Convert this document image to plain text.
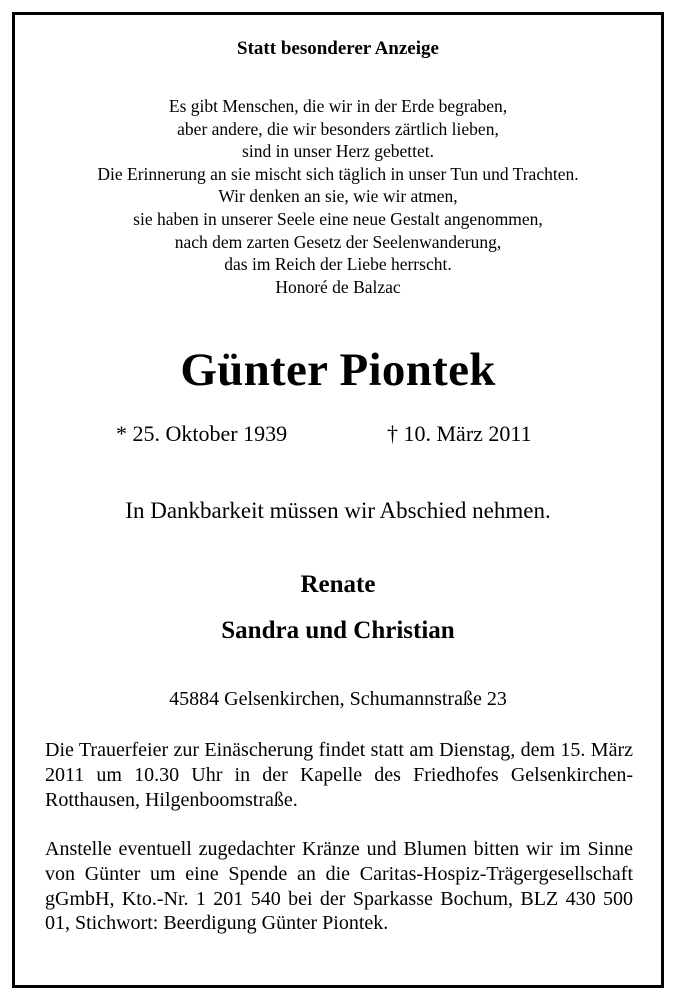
Statt besonderer Anzeige
Es gibt Menschen, die wir in der Erde begraben,
aber andere, die wir besonders zärtlich lieben,
sind in unser Herz gebettet.
Die Erinnerung an sie mischt sich täglich in unser Tun und Trachten.
Wir denken an sie, wie wir atmen,
sie haben in unserer Seele eine neue Gestalt angenommen,
nach dem zarten Gesetz der Seelenwanderung,
das im Reich der Liebe herrscht.
Honoré de Balzac
Günter Piontek
* 25. Oktober 1939	† 10. März 2011
In Dankbarkeit müssen wir Abschied nehmen.
Renate
Sandra und Christian
45884 Gelsenkirchen, Schumannstraße 23
Die Trauerfeier zur Einäscherung findet statt am Dienstag, dem 15. März 2011 um 10.30 Uhr in der Kapelle des Friedhofes Gelsenkirchen-Rotthausen, Hilgenboomstraße.
Anstelle eventuell zugedachter Kränze und Blumen bitten wir im Sinne von Günter um eine Spende an die Caritas-Hospiz-Trägergesellschaft gGmbH, Kto.-Nr. 1 201 540 bei der Sparkasse Bochum, BLZ 430 500 01, Stichwort: Beerdigung Günter Piontek.
